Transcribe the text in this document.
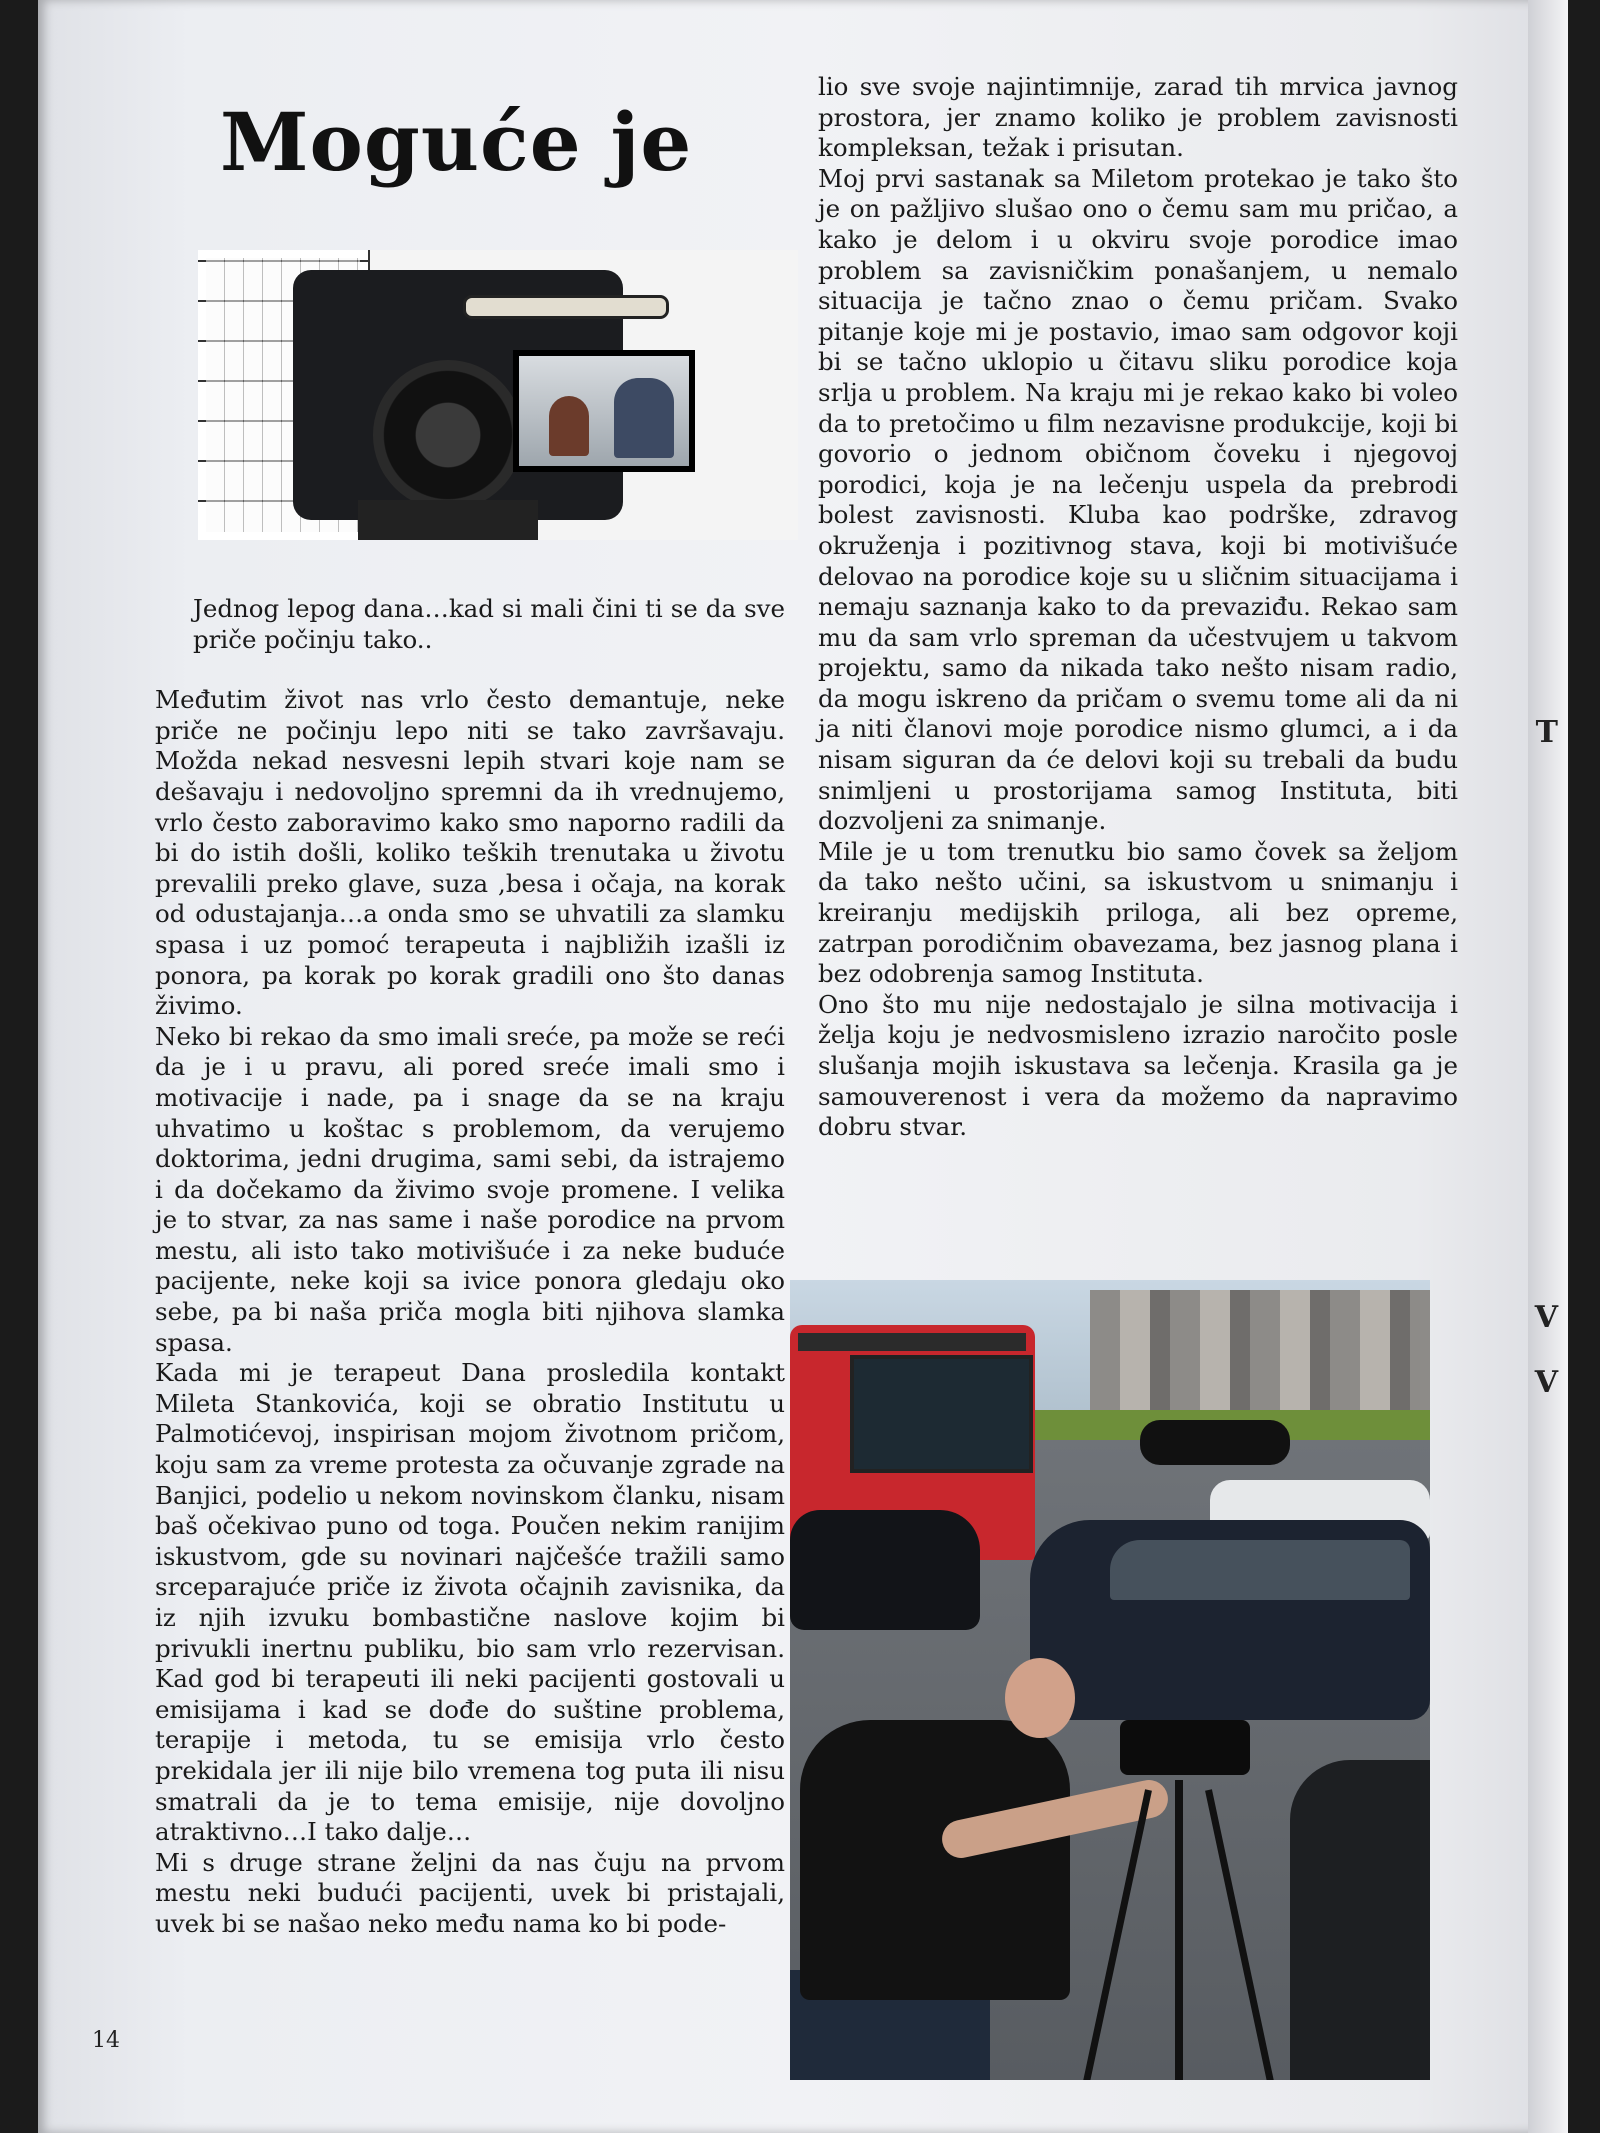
T
V
V
Moguće je

Jednog lepog dana…kad si mali čini ti se da sve priče počinju tako..

Međutim život nas vrlo često demantuje, neke priče ne počinju lepo niti se tako završavaju. Možda nekad nesvesni lepih stvari koje nam se dešavaju i nedovoljno spremni da ih vrednujemo, vrlo često zaboravimo kako smo naporno radili da bi do istih došli, koliko teških trenutaka u životu prevalili preko glave, suza ,besa i očaja, na korak od odustajanja…a onda smo se uhvatili za slamku spasa i uz pomoć terapeuta i najbližih izašli iz ponora, pa korak po korak gradili ono što danas živimo.

Neko bi rekao da smo imali sreće, pa može se reći da je i u pravu, ali pored sreće imali smo i motivacije i nade, pa i snage da se na kraju uhvatimo u koštac s problemom, da verujemo doktorima, jedni drugima, sami sebi, da istrajemo i da dočekamo da živimo svoje promene. I velika je to stvar, za nas same i naše porodice na prvom mestu, ali isto tako motivišuće i za neke buduće pacijente, neke koji sa ivice ponora gledaju oko sebe, pa bi naša priča mogla biti njihova slamka spasa.

Kada mi je terapeut Dana prosledila kontakt Mileta Stankovića, koji se obratio Institutu u Palmotićevoj, inspirisan mojom životnom pričom, koju sam za vreme protesta za očuvanje zgrade na Banjici, podelio u nekom novinskom članku, nisam baš očekivao puno od toga. Poučen nekim ranijim iskustvom, gde su novinari najčešće tražili samo srceparajuće priče iz života očajnih zavisnika, da iz njih izvuku bombastične naslove kojim bi privukli inertnu publiku, bio sam vrlo rezervisan. Kad god bi terapeuti ili neki pacijenti gostovali u emisijama i kad se dođe do suštine problema, terapije i metoda, tu se emisija vrlo često prekidala jer ili nije bilo vremena tog puta ili nisu smatrali da je to tema emisije, nije dovoljno atraktivno…I tako dalje…

Mi s druge strane željni da nas čuju na prvom mestu neki budući pacijenti, uvek bi pristajali, uvek bi se našao neko među nama ko bi pode-

lio sve svoje najintimnije, zarad tih mrvica javnog prostora, jer znamo koliko je problem zavisnosti kompleksan, težak i prisutan.

Moj prvi sastanak sa Miletom protekao je tako što je on pažljivo slušao ono o čemu sam mu pričao, a kako je delom i u okviru svoje porodice imao problem sa zavisničkim ponašanjem, u nemalo situacija je tačno znao o čemu pričam. Svako pitanje koje mi je postavio, imao sam odgovor koji bi se tačno uklopio u čitavu sliku porodice koja srlja u problem. Na kraju mi je rekao kako bi voleo da to pretočimo u film nezavisne produkcije, koji bi govorio o jednom običnom čoveku i njegovoj porodici, koja je na lečenju uspela da prebrodi bolest zavisnosti. Kluba kao podrške, zdravog okruženja i pozitivnog stava, koji bi motivišuće delovao na porodice koje su u sličnim situacijama i nemaju saznanja kako to da prevaziđu. Rekao sam mu da sam vrlo spreman da učestvujem u takvom projektu, samo da nikada tako nešto nisam radio, da mogu iskreno da pričam o svemu tome ali da ni ja niti članovi moje porodice nismo glumci, a i da nisam siguran da će delovi koji su trebali da budu snimljeni u prostorijama samog Instituta, biti dozvoljeni za snimanje.

Mile je u tom trenutku bio samo čovek sa željom da tako nešto učini, sa iskustvom u snimanju i kreiranju medijskih priloga, ali bez opreme, zatrpan porodičnim obavezama, bez jasnog plana i bez odobrenja samog Instituta.

Ono što mu nije nedostajalo je silna motivacija i želja koju je nedvosmisleno izrazio naročito posle slušanja mojih iskustava sa lečenja. Krasila ga je samouverenost i vera da možemo da napravimo dobru stvar.

14
